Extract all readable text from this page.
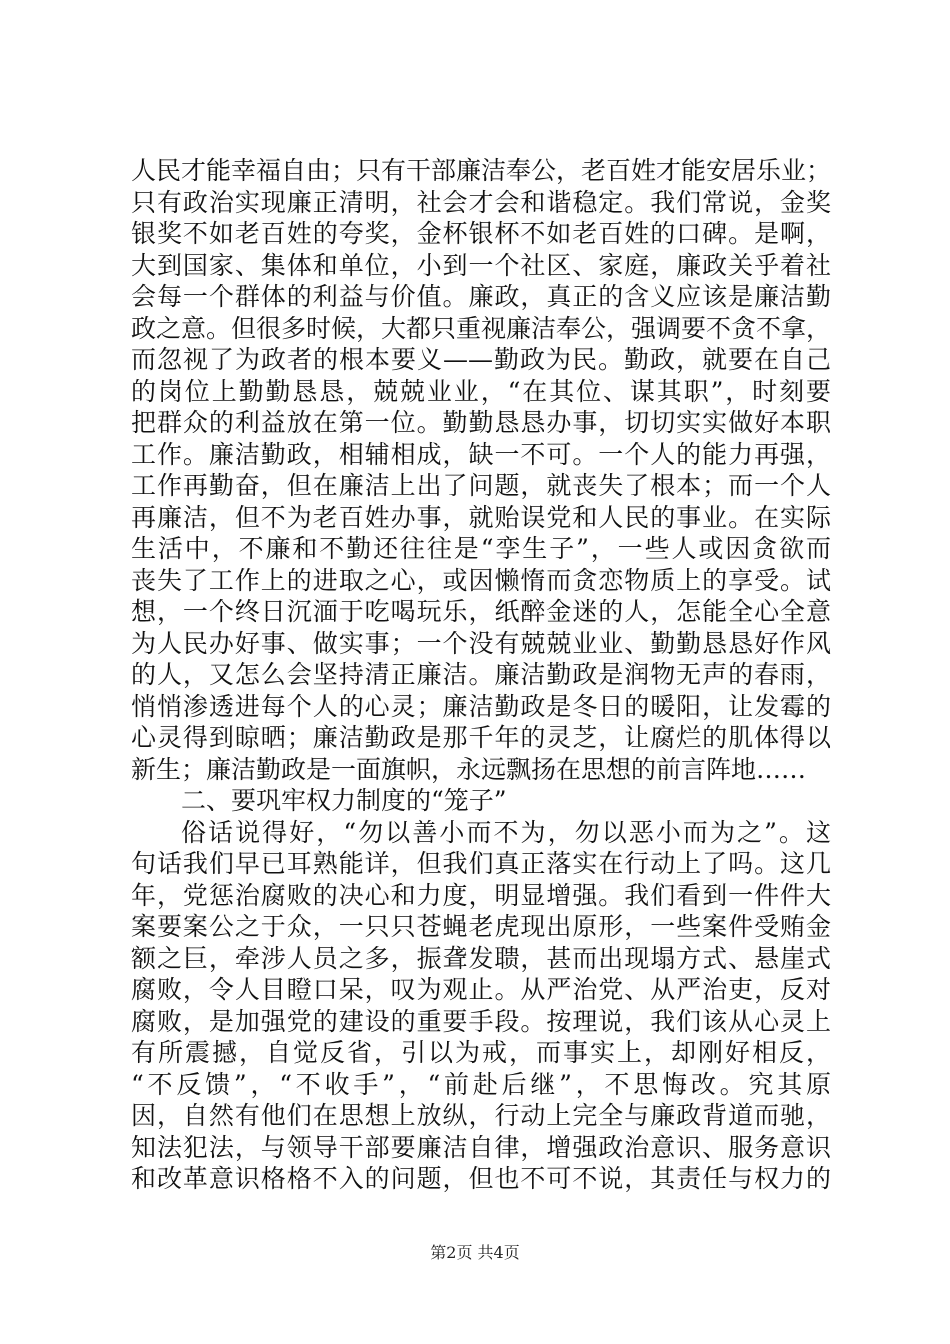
人民才能幸福自由；只有干部廉洁奉公，老百姓才能安居乐业；
只有政治实现廉正清明，社会才会和谐稳定。我们常说，金奖
银奖不如老百姓的夸奖，金杯银杯不如老百姓的口碑。是啊，
大到国家、集体和单位，小到一个社区、家庭，廉政关乎着社
会每一个群体的利益与价值。廉政，真正的含义应该是廉洁勤
政之意。但很多时候，大都只重视廉洁奉公，强调要不贪不拿，
而忽视了为政者的根本要义——勤政为民。勤政，就要在自己
的岗位上勤勤恳恳，兢兢业业，“在其位、谋其职”，时刻要
把群众的利益放在第一位。勤勤恳恳办事，切切实实做好本职
工作。廉洁勤政，相辅相成，缺一不可。一个人的能力再强，
工作再勤奋，但在廉洁上出了问题，就丧失了根本；而一个人
再廉洁，但不为老百姓办事，就贻误党和人民的事业。在实际
生活中，不廉和不勤还往往是“孪生子”，一些人或因贪欲而
丧失了工作上的进取之心，或因懒惰而贪恋物质上的享受。试
想，一个终日沉湎于吃喝玩乐，纸醉金迷的人，怎能全心全意
为人民办好事、做实事；一个没有兢兢业业、勤勤恳恳好作风
的人，又怎么会坚持清正廉洁。廉洁勤政是润物无声的春雨，
悄悄渗透进每个人的心灵；廉洁勤政是冬日的暖阳，让发霉的
心灵得到晾晒；廉洁勤政是那千年的灵芝，让腐烂的肌体得以
新生；廉洁勤政是一面旗帜，永远飘扬在思想的前言阵地……
二、要巩牢权力制度的“笼子”
俗话说得好，“勿以善小而不为，勿以恶小而为之”。这
句话我们早已耳熟能详，但我们真正落实在行动上了吗。这几
年，党惩治腐败的决心和力度，明显增强。我们看到一件件大
案要案公之于众，一只只苍蝇老虎现出原形，一些案件受贿金
额之巨，牵涉人员之多，振聋发聩，甚而出现塌方式、悬崖式
腐败，令人目瞪口呆，叹为观止。从严治党、从严治吏，反对
腐败，是加强党的建设的重要手段。按理说，我们该从心灵上
有所震撼，自觉反省，引以为戒，而事实上，却刚好相反，
“不反馈”，“不收手”，“前赴后继”，不思悔改。究其原
因，自然有他们在思想上放纵，行动上完全与廉政背道而驰，
知法犯法，与领导干部要廉洁自律，增强政治意识、服务意识
和改革意识格格不入的问题，但也不可不说，其责任与权力的
第2页 共4页
